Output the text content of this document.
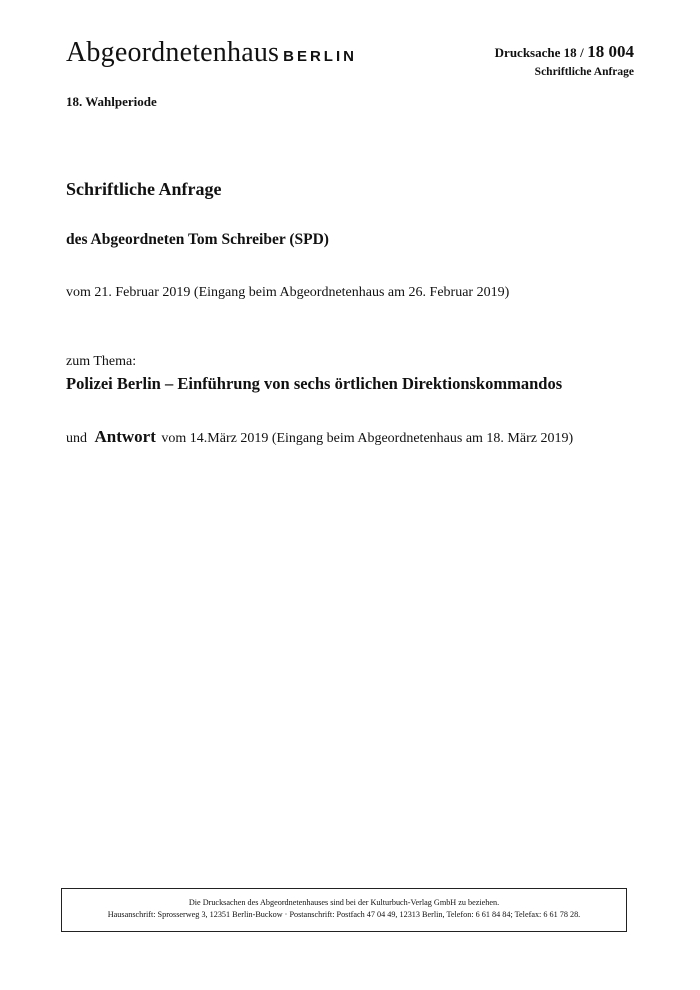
Abgeordnetenhaus BERLIN	Drucksache 18 / 18 004
Schriftliche Anfrage
18. Wahlperiode
Schriftliche Anfrage
des Abgeordneten Tom Schreiber (SPD)
vom 21. Februar 2019 (Eingang beim Abgeordnetenhaus am 26. Februar 2019)
zum Thema:
Polizei Berlin – Einführung von sechs örtlichen Direktionskommandos
und Antwort vom 14.März 2019 (Eingang beim Abgeordnetenhaus am 18. März 2019)
Die Drucksachen des Abgeordnetenhauses sind bei der Kulturbuch-Verlag GmbH zu beziehen.
Hausanschrift: Sprosserweg 3, 12351 Berlin-Buckow · Postanschrift: Postfach 47 04 49, 12313 Berlin, Telefon: 6 61 84 84; Telefax: 6 61 78 28.
